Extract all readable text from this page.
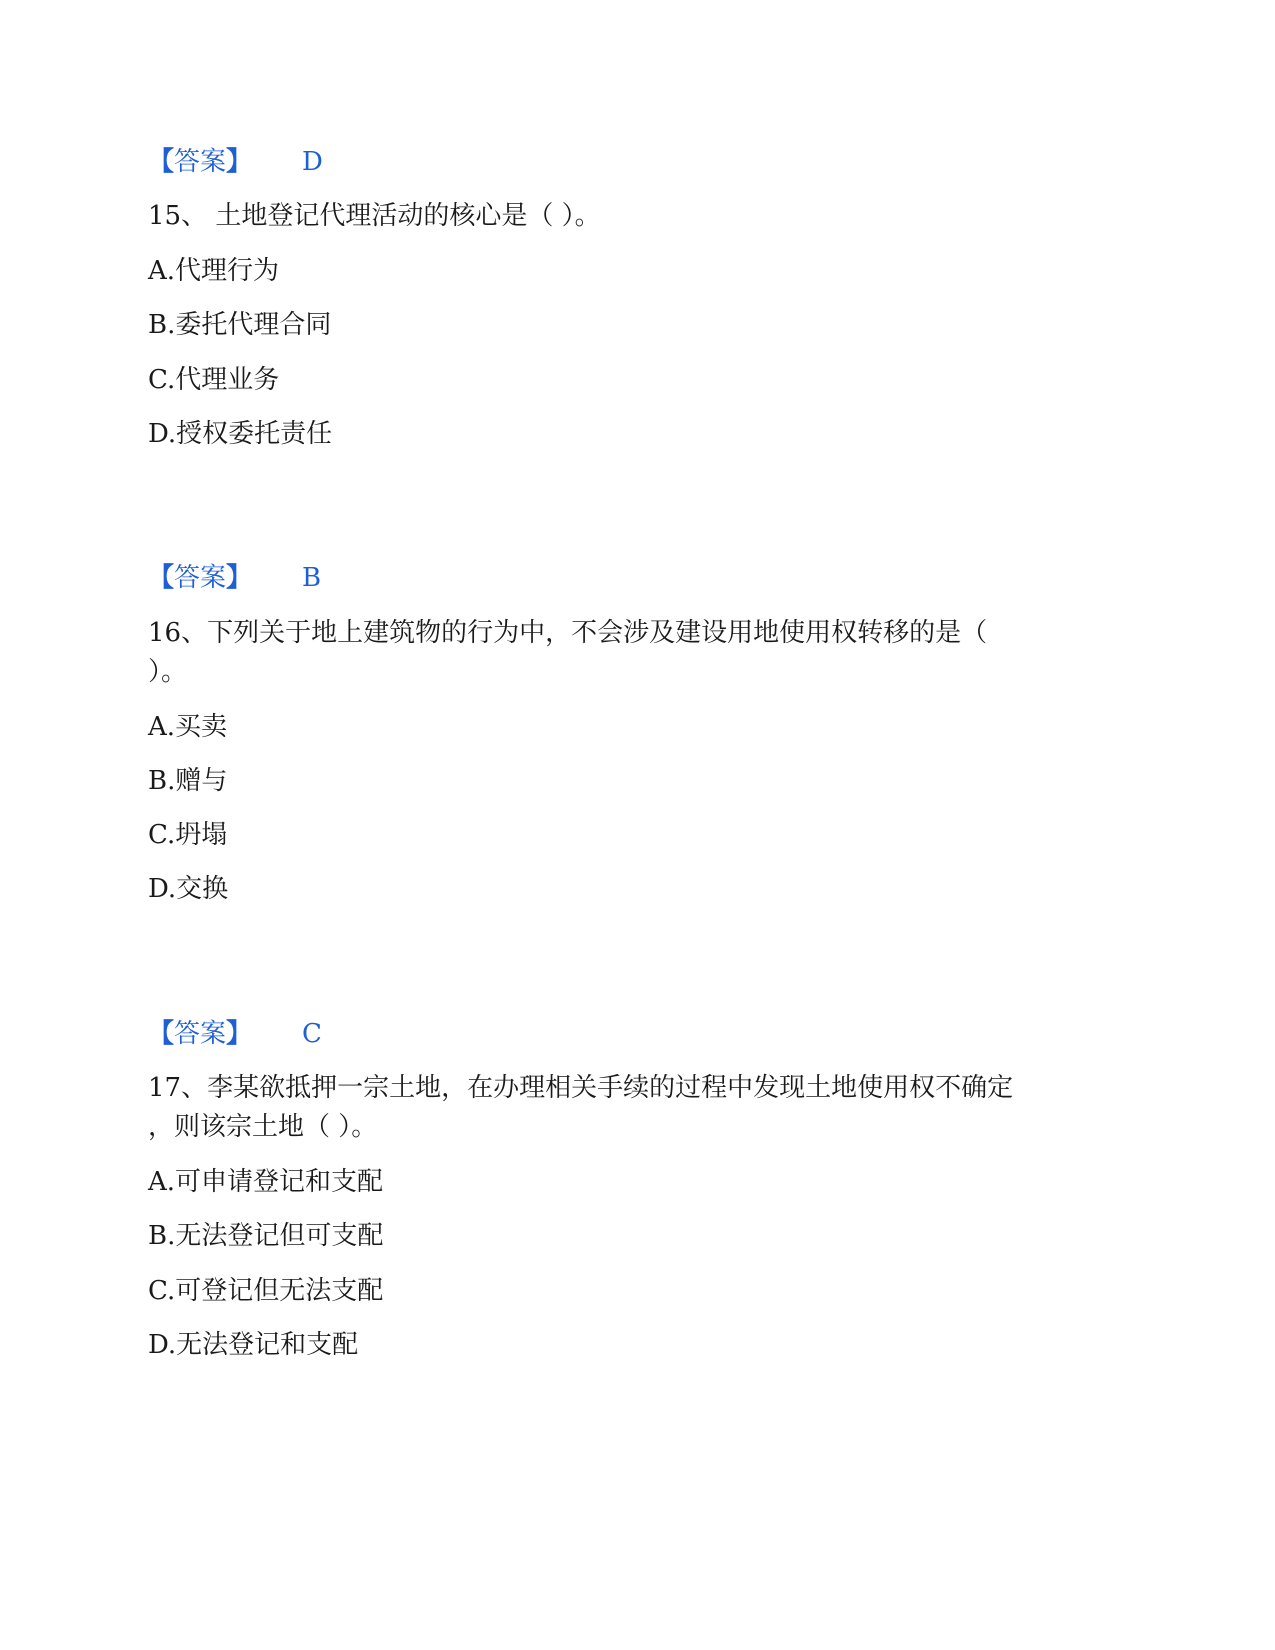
【答案】 D
15、 土地登记代理活动的核心是（ ）。
A.代理行为
B.委托代理合同
C.代理业务
D.授权委托责任
【答案】 B
16、下列关于地上建筑物的行为中，不会涉及建设用地使用权转移的是（
）。
A.买卖
B.赠与
C.坍塌
D.交换
【答案】 C
17、李某欲抵押一宗土地，在办理相关手续的过程中发现土地使用权不确定
，则该宗土地（ ）。
A.可申请登记和支配
B.无法登记但可支配
C.可登记但无法支配
D.无法登记和支配
